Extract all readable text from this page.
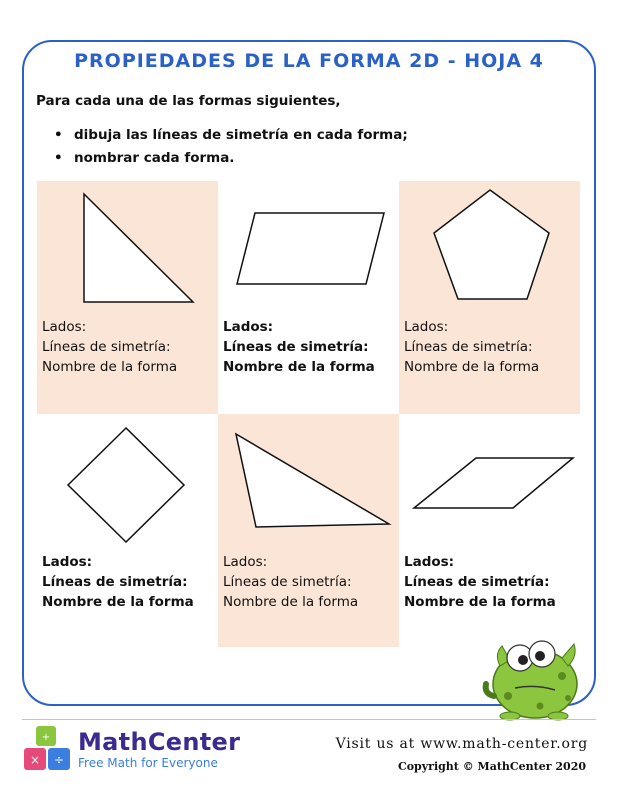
PROPIEDADES DE LA FORMA 2D - HOJA 4

Para cada una de las formas siguientes,

• dibuja las líneas de simetría en cada forma;
• nombrar cada forma.
Lados:
Líneas de simetría:
Nombre de la forma
Lados:
Líneas de simetría:
Nombre de la forma
Lados:
Líneas de simetría:
Nombre de la forma
Lados:
Líneas de simetría:
Nombre de la forma
Lados:
Líneas de simetría:
Nombre de la forma
Lados:
Líneas de simetría:
Nombre de la forma
+
× ÷

MathCenter

Free Math for Everyone

Visit us at www.math-center.org

Copyright © MathCenter 2020
